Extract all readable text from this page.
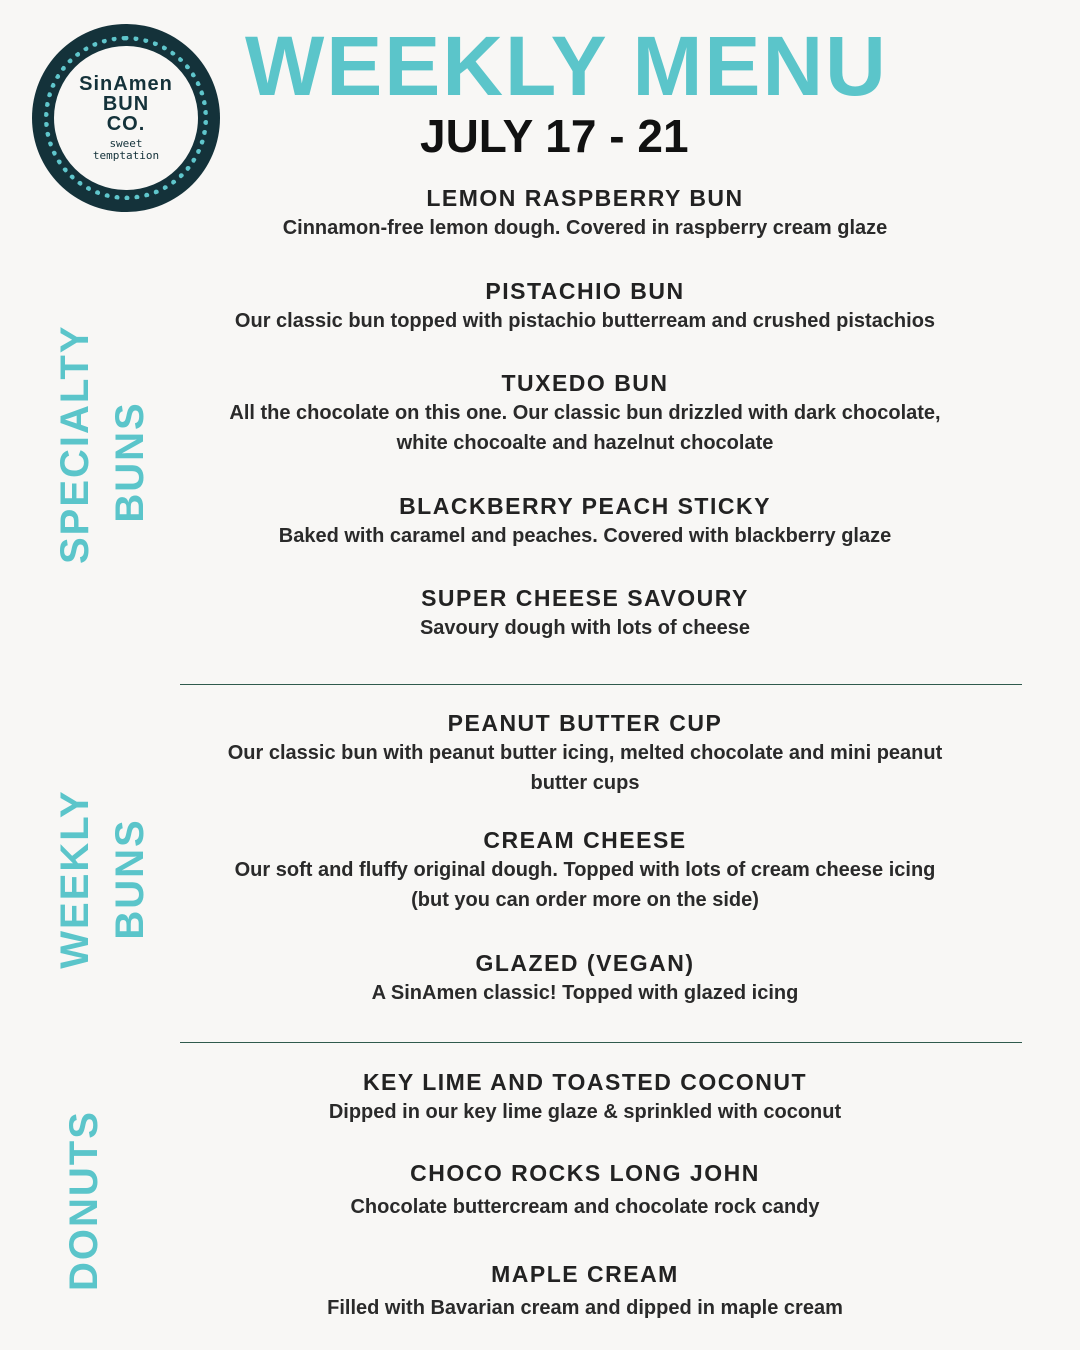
SinAmen
BUN
CO.
sweet
temptation
WEEKLY MENU
JULY 17 - 21
SPECIALTY BUNS
WEEKLY BUNS
DONUTS
LEMON RASPBERRY BUN
Cinnamon-free lemon dough. Covered in raspberry cream glaze
PISTACHIO BUN
Our classic bun topped with pistachio butterream and crushed pistachios
TUXEDO BUN
All the chocolate on this one. Our classic bun drizzled with dark chocolate,
white chocoalte and hazelnut chocolate
BLACKBERRY PEACH STICKY
Baked with caramel and peaches. Covered with blackberry glaze
SUPER CHEESE SAVOURY
Savoury dough with lots of cheese
PEANUT BUTTER CUP
Our classic bun with peanut butter icing, melted chocolate and mini peanut
butter cups
CREAM CHEESE
Our soft and fluffy original dough. Topped with lots of cream cheese icing
(but you can order more on the side)
GLAZED (VEGAN)
A SinAmen classic! Topped with glazed icing
KEY LIME AND TOASTED COCONUT
Dipped in our key lime glaze & sprinkled with coconut
CHOCO ROCKS LONG JOHN
Chocolate buttercream and chocolate rock candy
MAPLE CREAM
Filled with Bavarian cream and dipped in maple cream
